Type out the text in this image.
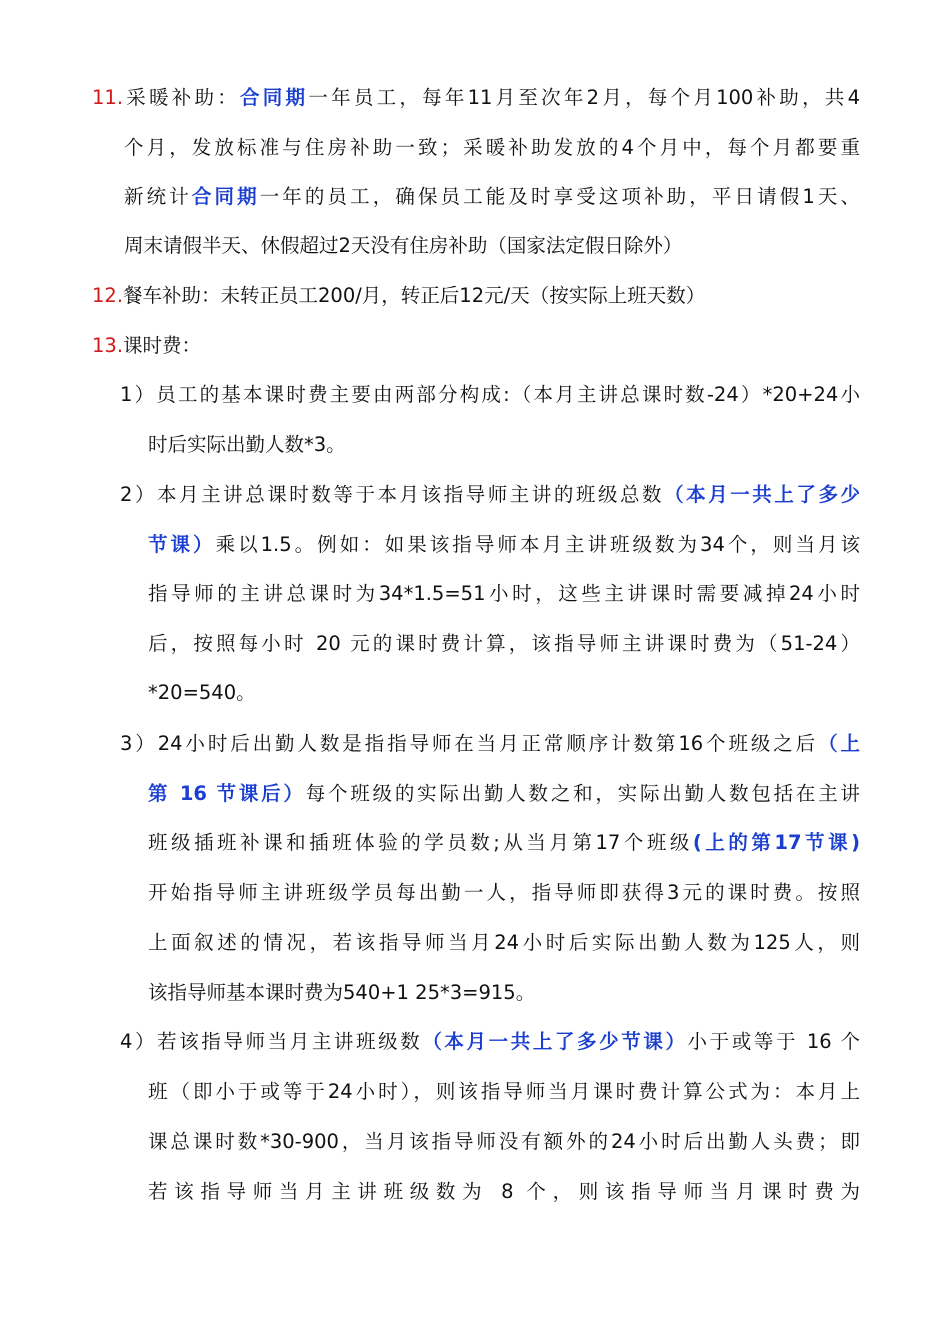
11.采暖补助：合同期一年员工，每年11月至次年2月，每个月100补助，共4
个月，发放标准与住房补助一致；采暖补助发放的4个月中，每个月都要重
新统计合同期一年的员工，确保员工能及时享受这项补助，平日请假1天、
周末请假半天、休假超过2天没有住房补助（国家法定假日除外）
12.餐车补助：未转正员工200/月，转正后12元/天（按实际上班天数）
13.课时费：
1）员工的基本课时费主要由两部分构成:（本月主讲总课时数-24）*20+24小
时后实际出勤人数*3。
2）本月主讲总课时数等于本月该指导师主讲的班级总数（本月一共上了多少
节课）乘以1.5。例如：如果该指导师本月主讲班级数为34个，则当月该
指导师的主讲总课时为34*1.5=51小时，这些主讲课时需要减掉24小时
后，按照每小时 20 元的课时费计算，该指导师主讲课时费为（51-24）
*20=540。
3）24小时后出勤人数是指指导师在当月正常顺序计数第16个班级之后（上
第 16 节课后）每个班级的实际出勤人数之和，实际出勤人数包括在主讲
班级插班补课和插班体验的学员数;从当月第17个班级(上的第17节课)
开始指导师主讲班级学员每出勤一人，指导师即获得3元的课时费。按照
上面叙述的情况，若该指导师当月24小时后实际出勤人数为125人，则
该指导师基本课时费为540+1 25*3=915。
4）若该指导师当月主讲班级数（本月一共上了多少节课）小于或等于 16 个
班（即小于或等于24小时），则该指导师当月课时费计算公式为：本月上
课总课时数*30-900，当月该指导师没有额外的24小时后出勤人头费；即
若该指导师当月主讲班级数为 8 个，则该指导师当月课时费为
